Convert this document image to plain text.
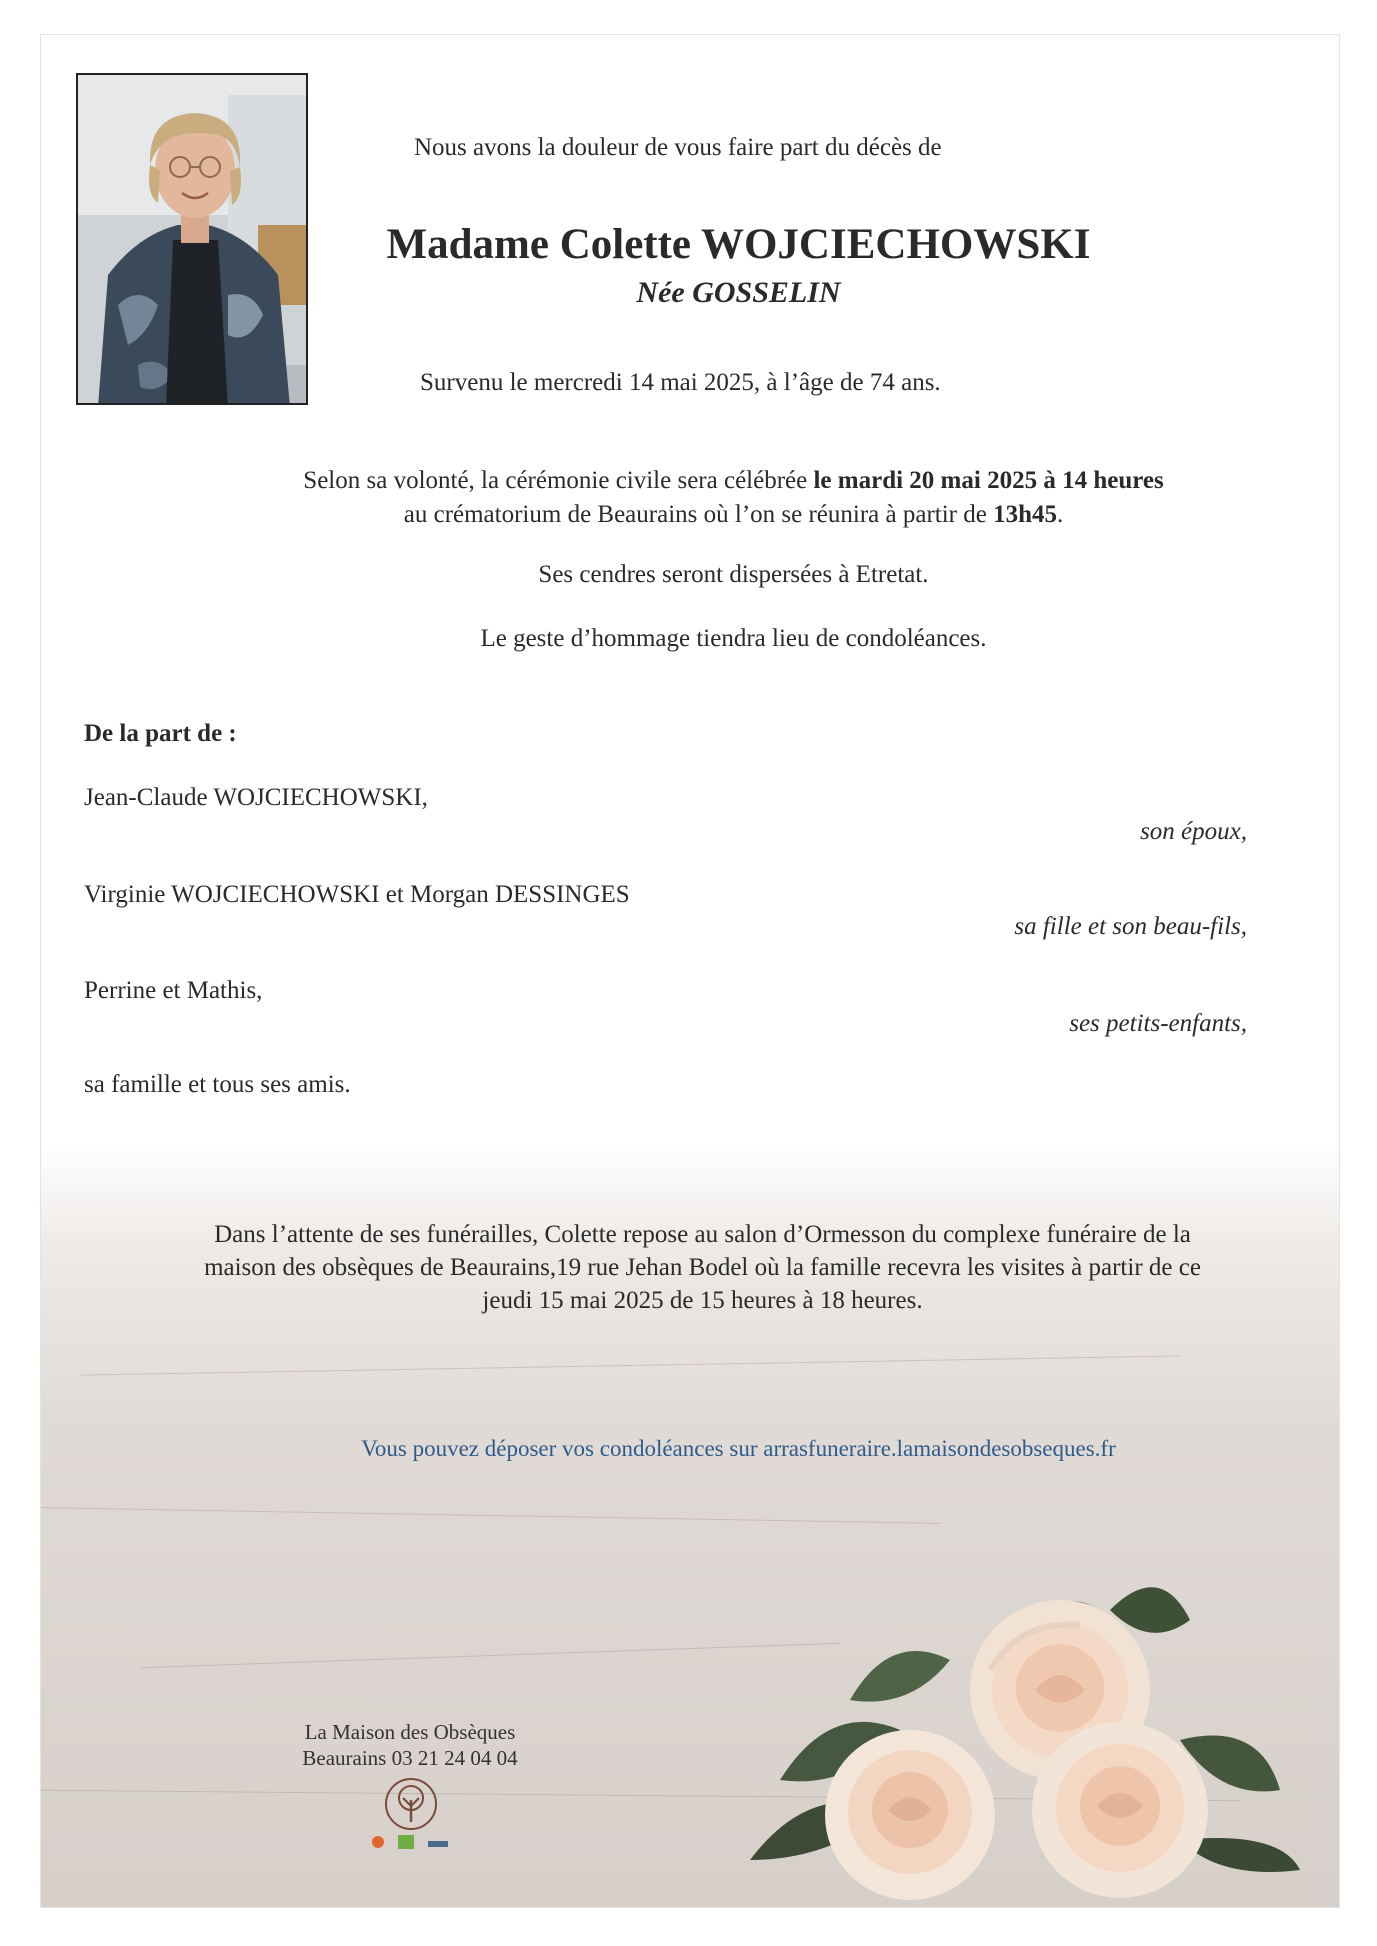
Nous avons la douleur de vous faire part du décès de
Madame Colette WOJCIECHOWSKI
Née GOSSELIN
Survenu le mercredi 14 mai 2025, à l’âge de 74 ans.
Selon sa volonté, la cérémonie civile sera célébrée le mardi 20 mai 2025 à 14 heures
au crématorium de Beaurains où l’on se réunira à partir de 13h45.
Ses cendres seront dispersées à Etretat.
Le geste d’hommage tiendra lieu de condoléances.
De la part de :
Jean-Claude WOJCIECHOWSKI,
son époux,
Virginie WOJCIECHOWSKI et Morgan DESSINGES
sa fille et son beau-fils,
Perrine et Mathis,
ses petits-enfants,
sa famille et tous ses amis.
Dans l’attente de ses funérailles, Colette repose au salon d’Ormesson du complexe funéraire de la
maison des obsèques de Beaurains,19 rue Jehan Bodel où la famille recevra les visites à partir de ce
jeudi 15 mai 2025 de 15 heures à 18 heures.
Vous pouvez déposer vos condoléances sur arrasfuneraire.lamaisondesobseques.fr
La Maison des Obsèques
Beaurains 03 21 24 04 04
